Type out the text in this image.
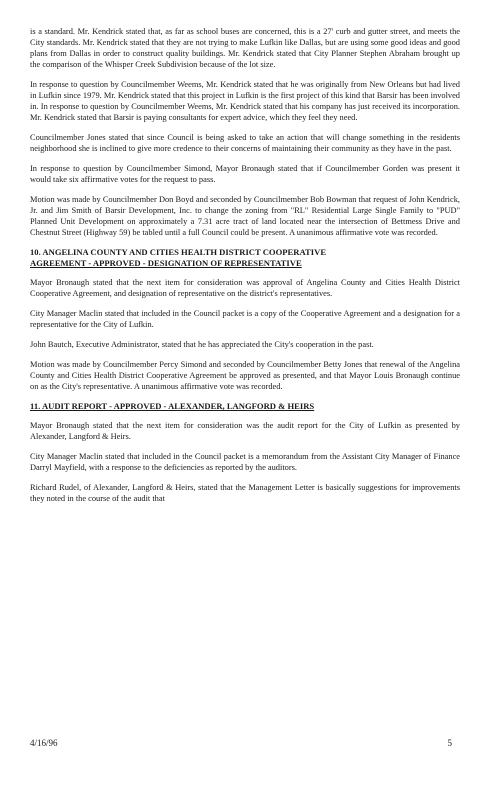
is a standard. Mr. Kendrick stated that, as far as school buses are concerned, this is a 27' curb and gutter street, and meets the City standards. Mr. Kendrick stated that they are not trying to make Lufkin like Dallas, but are using some good ideas and good plans from Dallas in order to construct quality buildings. Mr. Kendrick stated that City Planner Stephen Abraham brought up the comparison of the Whisper Creek Subdivision because of the lot size.

In response to question by Councilmember Weems, Mr. Kendrick stated that he was originally from New Orleans but had lived in Lufkin since 1979. Mr. Kendrick stated that this project in Lufkin is the first project of this kind that Barsir has been involved in. In response to question by Councilmember Weems, Mr. Kendrick stated that his company has just received its incorporation. Mr. Kendrick stated that Barsir is paying consultants for expert advice, which they feel they need.

Councilmember Jones stated that since Council is being asked to take an action that will change something in the residents neighborhood she is inclined to give more credence to their concerns of maintaining their community as they have in the past.

In response to question by Councilmember Simond, Mayor Bronaugh stated that if Councilmember Gorden was present it would take six affirmative votes for the request to pass.

Motion was made by Councilmember Don Boyd and seconded by Councilmember Bob Bowman that request of John Kendrick, Jr. and Jim Smith of Barsir Development, Inc. to change the zoning from "RL" Residential Large Single Family to "PUD" Planned Unit Development on approximately a 7.31 acre tract of land located near the intersection of Bettmess Drive and Chestnut Street (Highway 59) be tabled until a full Council could be present. A unanimous affirmative vote was recorded.

10. ANGELINA COUNTY AND CITIES HEALTH DISTRICT COOPERATIVE
AGREEMENT - APPROVED - DESIGNATION OF REPRESENTATIVE

Mayor Bronaugh stated that the next item for consideration was approval of Angelina County and Cities Health District Cooperative Agreement, and designation of representative on the district's representatives.

City Manager Maclin stated that included in the Council packet is a copy of the Cooperative Agreement and a designation for a representative for the City of Lufkin.

John Bautch, Executive Administrator, stated that he has appreciated the City's cooperation in the past.

Motion was made by Councilmember Percy Simond and seconded by Councilmember Betty Jones that renewal of the Angelina County and Cities Health District Cooperative Agreement be approved as presented, and that Mayor Louis Bronaugh continue on as the City's representative. A unanimous affirmative vote was recorded.

11. AUDIT REPORT - APPROVED - ALEXANDER, LANGFORD & HEIRS

Mayor Bronaugh stated that the next item for consideration was the audit report for the City of Lufkin as presented by Alexander, Langford & Heirs.

City Manager Maclin stated that included in the Council packet is a memorandum from the Assistant City Manager of Finance Darryl Mayfield, with a response to the deficiencies as reported by the auditors.

Richard Rudel, of Alexander, Langford & Heirs, stated that the Management Letter is basically suggestions for improvements they noted in the course of the audit that

4/16/96	5
